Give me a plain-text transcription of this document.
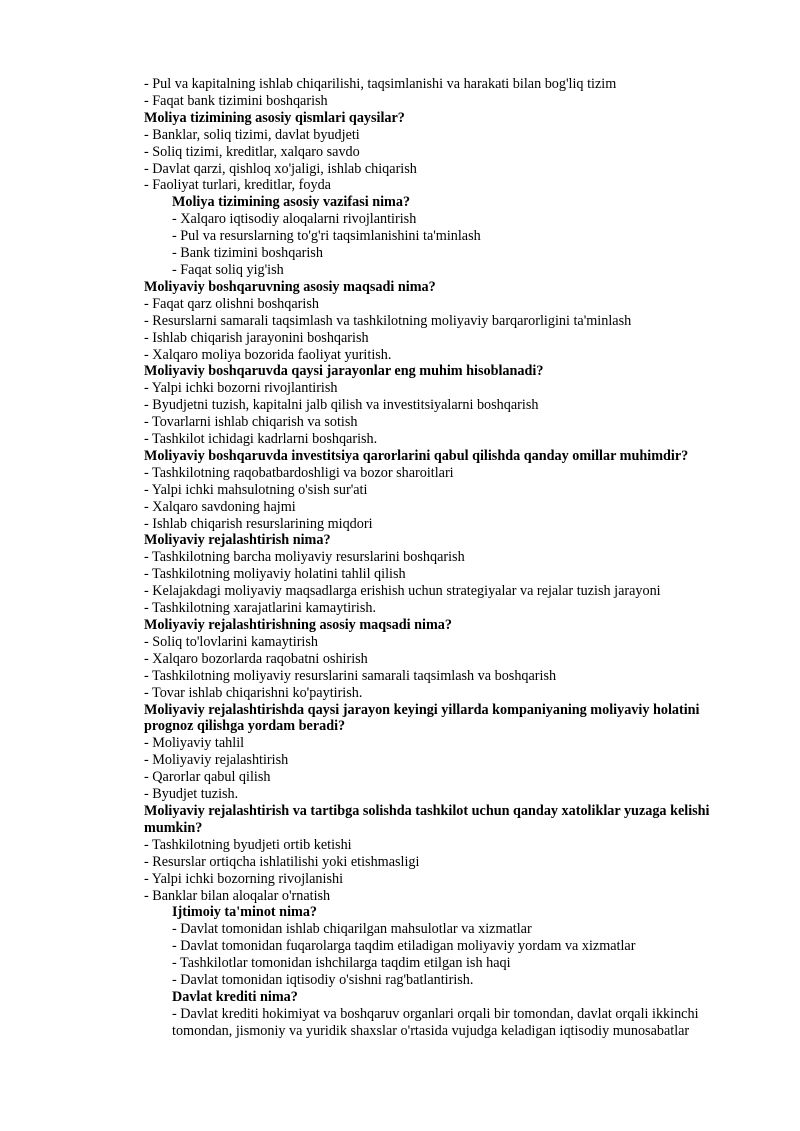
- Pul va kapitalning ishlab chiqarilishi, taqsimlanishi va harakati bilan bog'liq tizim
- Faqat bank tizimini boshqarish
Moliya tizimining asosiy qismlari qaysilar?
- Banklar, soliq tizimi, davlat byudjeti
- Soliq tizimi, kreditlar, xalqaro savdo
- Davlat qarzi, qishloq xo'jaligi, ishlab chiqarish
- Faoliyat turlari, kreditlar, foyda
Moliya tizimining asosiy vazifasi nima?
- Xalqaro iqtisodiy aloqalarni rivojlantirish
- Pul va resurslarning to'g'ri taqsimlanishini ta'minlash
- Bank tizimini boshqarish
- Faqat soliq yig'ish
Moliyaviy boshqaruvning asosiy maqsadi nima?
- Faqat qarz olishni boshqarish
- Resurslarni samarali taqsimlash va tashkilotning moliyaviy barqarorligini ta'minlash
- Ishlab chiqarish jarayonini boshqarish
- Xalqaro moliya bozorida faoliyat yuritish.
Moliyaviy boshqaruvda qaysi jarayonlar eng muhim hisoblanadi?
- Yalpi ichki bozorni rivojlantirish
- Byudjetni tuzish, kapitalni jalb qilish va investitsiyalarni boshqarish
- Tovarlarni ishlab chiqarish va sotish
- Tashkilot ichidagi kadrlarni boshqarish.
Moliyaviy boshqaruvda investitsiya qarorlarini qabul qilishda qanday omillar muhimdir?
- Tashkilotning raqobatbardoshligi va bozor sharoitlari
- Yalpi ichki mahsulotning o'sish sur'ati
- Xalqaro savdoning hajmi
- Ishlab chiqarish resurslarining miqdori
Moliyaviy rejalashtirish nima?
- Tashkilotning barcha moliyaviy resurslarini boshqarish
- Tashkilotning moliyaviy holatini tahlil qilish
- Kelajakdagi moliyaviy maqsadlarga erishish uchun strategiyalar va rejalar tuzish jarayoni
- Tashkilotning xarajatlarini kamaytirish.
Moliyaviy rejalashtirishning asosiy maqsadi nima?
- Soliq to'lovlarini kamaytirish
- Xalqaro bozorlarda raqobatni oshirish
- Tashkilotning moliyaviy resurslarini samarali taqsimlash va boshqarish
- Tovar ishlab chiqarishni ko'paytirish.
Moliyaviy rejalashtirishda qaysi jarayon keyingi yillarda kompaniyaning moliyaviy holatini prognoz qilishga yordam beradi?
- Moliyaviy tahlil
- Moliyaviy rejalashtirish
- Qarorlar qabul qilish
- Byudjet tuzish.
Moliyaviy rejalashtirish va tartibga solishda tashkilot uchun qanday xatoliklar yuzaga kelishi mumkin?
- Tashkilotning byudjeti ortib ketishi
- Resurslar ortiqcha ishlatilishi yoki etishmasligi
- Yalpi ichki bozorning rivojlanishi
- Banklar bilan aloqalar o'rnatish
Ijtimoiy ta'minot nima?
- Davlat tomonidan ishlab chiqarilgan mahsulotlar va xizmatlar
- Davlat tomonidan fuqarolarga taqdim etiladigan moliyaviy yordam va xizmatlar
- Tashkilotlar tomonidan ishchilarga taqdim etilgan ish haqi
- Davlat tomonidan iqtisodiy o'sishni rag'batlantirish.
Davlat krediti nima?
- Davlat krediti hokimiyat va boshqaruv organlari orqali bir tomondan, davlat orqali ikkinchi tomondan, jismoniy va yuridik shaxslar o'rtasida vujudga keladigan iqtisodiy munosabatlar
